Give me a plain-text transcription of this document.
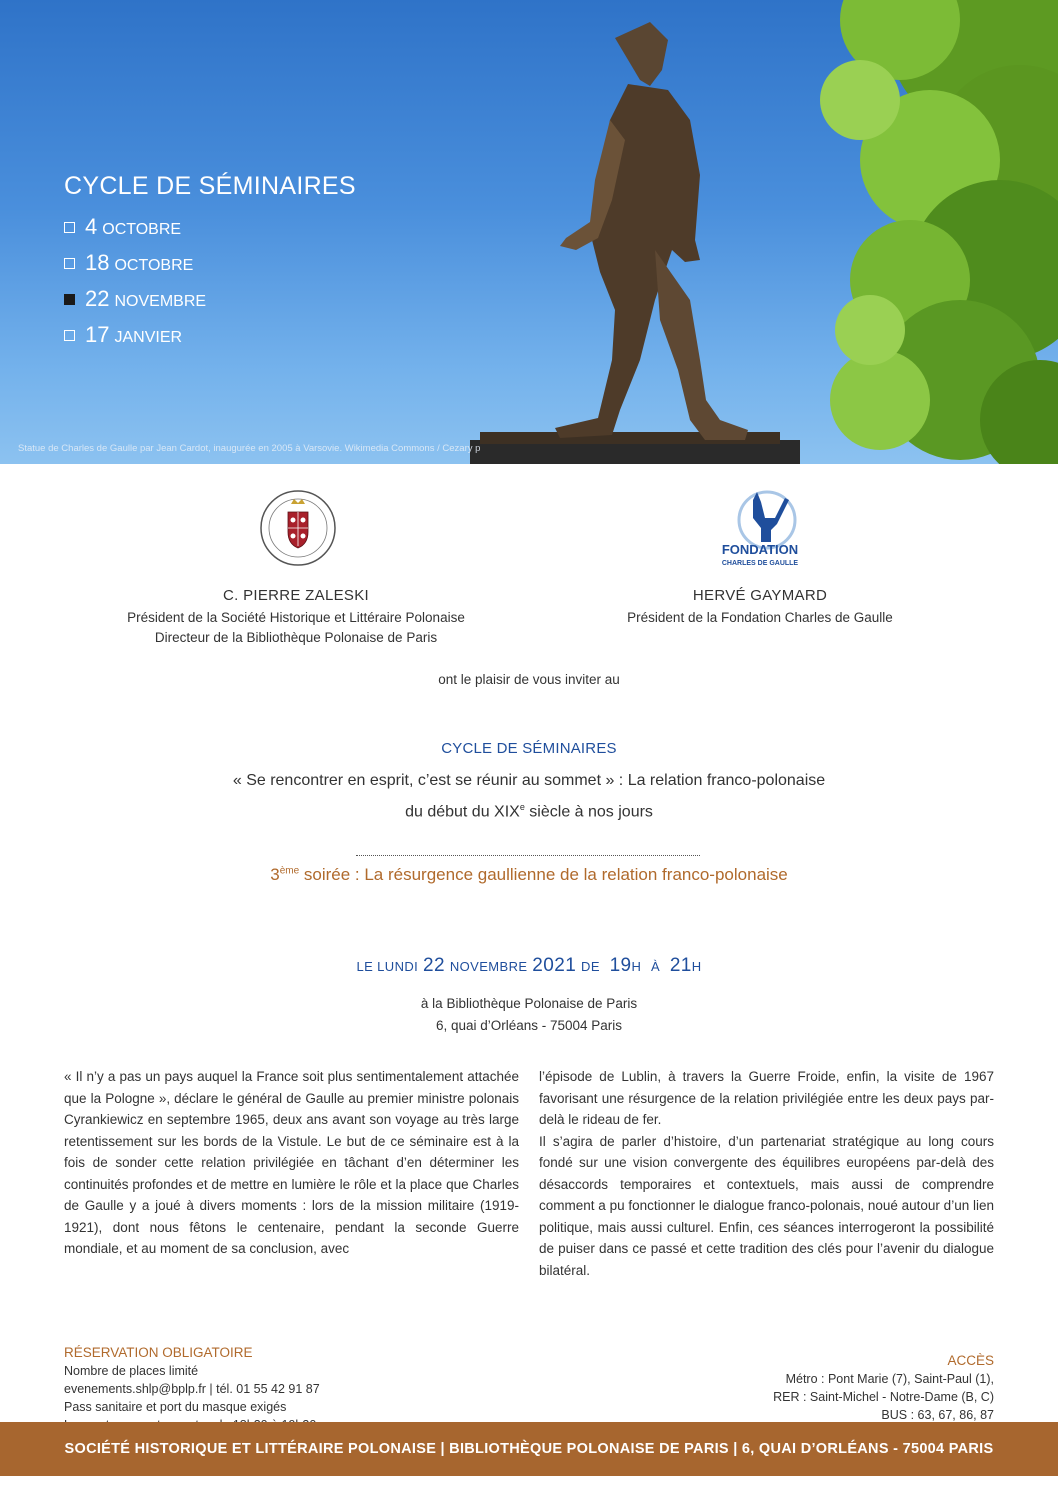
CYCLE DE SÉMINAIRES
4 OCTOBRE
18 OCTOBRE
22 NOVEMBRE
17 JANVIER
Statue de Charles de Gaulle par Jean Cardot, inaugurée en 2005 à Varsovie. Wikimedia Commons / Cezary p
FONDATION
CHARLES DE GAULLE
C. PIERRE ZALESKI
Président de la Société Historique et Littéraire Polonaise
Directeur de la Bibliothèque Polonaise de Paris
HERVÉ GAYMARD
Président de la Fondation Charles de Gaulle
ont le plaisir de vous inviter au
CYCLE DE SÉMINAIRES
« Se rencontrer en esprit, c’est se réunir au sommet » : La relation franco-polonaise
du début du XIXe siècle à nos jours
3ème soirée : La résurgence gaullienne de la relation franco-polonaise
LE LUNDI 22 NOVEMBRE 2021 DE 19H À 21H
à la Bibliothèque Polonaise de Paris
6, quai d’Orléans - 75004 Paris
« Il n’y a pas un pays auquel la France soit plus sentimentalement attachée que la Pologne », déclare le général de Gaulle au premier ministre polonais Cyrankiewicz en septembre 1965, deux ans avant son voyage au très large retentissement sur les bords de la Vistule. Le but de ce séminaire est à la fois de sonder cette relation privilégiée en tâchant d’en déterminer les continuités profondes et de mettre en lumière le rôle et la place que Charles de Gaulle y a joué à divers moments : lors de la mission militaire (1919-1921), dont nous fêtons le centenaire, pendant la seconde Guerre mondiale, et au moment de sa conclusion, avec
l’épisode de Lublin, à travers la Guerre Froide, enfin, la visite de 1967 favorisant une résurgence de la relation privilégiée entre les deux pays par-delà le rideau de fer.
Il s’agira de parler d’histoire, d’un partenariat stratégique au long cours fondé sur une vision convergente des équilibres européens par-delà des désaccords temporaires et contextuels, mais aussi de comprendre comment a pu fonctionner le dialogue franco-polonais, noué autour d’un lien politique, mais aussi culturel. Enfin, ces séances interrogeront la possibilité de puiser dans ce passé et cette tradition des clés pour l’avenir du dialogue bilatéral.
RÉSERVATION OBLIGATOIRE
Nombre de places limité
evenements.shlp@bplp.fr | tél. 01 55 42 91 87
Pass sanitaire et port du masque exigés
ACCÈS
Métro : Pont Marie (7), Saint-Paul (1),
RER : Saint-Michel - Notre-Dame (B, C)
BUS : 63, 67, 86, 87
SOCIÉTÉ HISTORIQUE ET LITTÉRAIRE POLONAISE | BIBLIOTHÈQUE POLONAISE DE PARIS | 6, QUAI D’ORLÉANS - 75004 PARIS
